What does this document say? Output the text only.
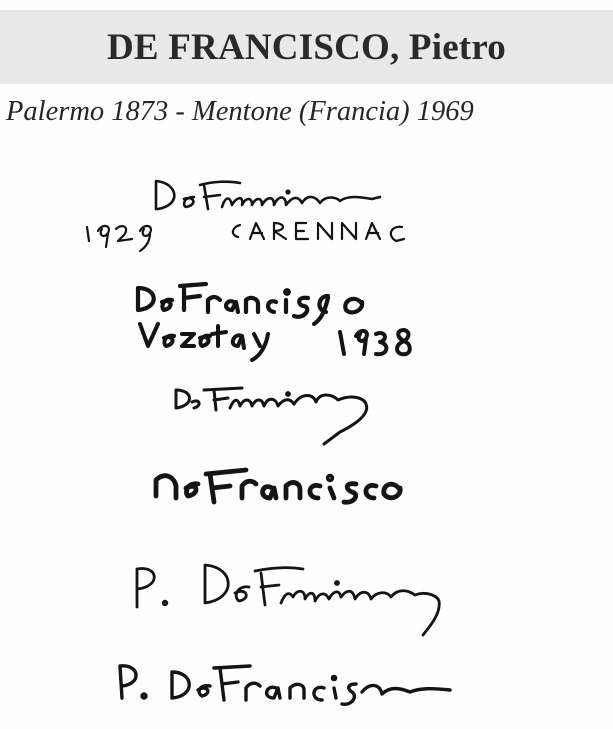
DE FRANCISCO, Pietro

Palermo 1873 - Mentone (Francia) 1969
